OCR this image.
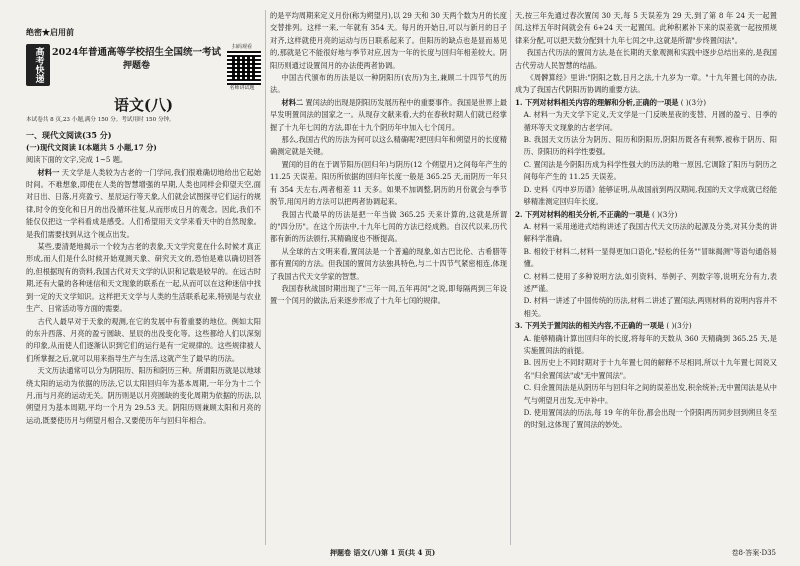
绝密★启用前
高考快递 2024年普通高等学校招生全国统一考试
押题卷
扫码观看
名师讲试题
语文(八)
本试卷共 8 页,23 小题,满分 150 分。考试用时 150 分钟。
一、现代文阅读(35 分)
(一)现代文阅读 I(本题共 5 小题,17 分)

阅读下面的文字,完成 1~5 题。

材料一 天文学是人类较为古老的一门学问,我们很难确切地给出它起始时间。不难想象,即使在人类的智慧增强的早期,人类也同样会仰望天空,面对日出、日落,月亮盈亏、星辰运行等天象,人们就会试图探寻它们运行的规律,时令的变化和日月的出没循环往复,从而形成日月的观念。因此,我们不能仅仅把这一学科看成是感受。人们希望用天文学来看天中的自然现象。是我们需要找到从这个视点出发。

某些,要清楚地揭示一个较为古老的表象,天文学究竟在什么时候才真正形成,而人们是什么时候开始观测天象、研究天文的,恐怕是难以确切回答的,但根据现有的资料,我国古代对天文学的认识和记载是较早的。在远古时期,还有大量的各种迷信和天文现象的联系在一起,从而可以在这种迷信中找到一定的天文学知识。这样把天文学与人类的生活联系起来,特别是与农业生产、日常活动等方面的需要。

古代人最早对于天象的观测,在它的发展中有着重要的地位。例如太阳的东升西落、月亮的盈亏圆缺、星辰的出没变化等。这些都给人们以深刻的印象,从而使人们逐渐认识到它们的运行是有一定规律的。这些规律被人们所掌握之后,就可以用来指导生产与生活,这就产生了最早的历法。

天文历法通常可以分为阴阳历、阳历和阴历三种。所谓阳历就是以地球绕太阳的运动为依据的历法,它以太阳回归年为基本周期,一年分为十二个月,而与月亮的运动无关。阴历则是以月亮圆缺的变化周期为依据的历法,以朔望月为基本周期,平均一个月为 29.53 天。阴阳历则兼顾太阳和月亮的运动,既要使历月与朔望月相合,又要使历年与回归年相合。

的是平均周期来定义月份(称为朔望月),以 29 天和 30 天两个数为月的长度交替排列。这样一来,一年就有 354 天。每月的开始日,可以与新月的日子对齐,这样就使月亮的运动与历日联系起来了。但阳历的缺点也是显而易见的,那就是它不能很好地与季节对应,因为一年的长度与回归年相差较大。阴阳历则通过设置闰月的办法使两者协调。

中国古代颁布的历法是以一种阴阳历(农历)为主,兼顾二十四节气的历法。

材料二 置闰法的出现是阴阳历发展历程中的重要事件。我国是世界上最早发明置闰法的国家之一。从现存文献来看,大约在春秋时期人们就已经掌握了十九年七闰的方法,即在十九个阴历年中加入七个闰月。

那么,我国古代的历法为何可以这么精确呢?把回归年和朔望月的长度精确测定就是关键。

置闰的目的在于调节阳历(回归年)与阴历(12 个朔望月)之间每年产生的 11.25 天误差。阳历所依据的回归年长度一般是 365.25 天,而阴历一年只有 354 天左右,两者相差 11 天多。如果不加调整,阴历的月份就会与季节脱节,用闰月的方法可以把两者协调起来。

我国古代最早的历法是把一年当做 365.25 天来计算的,这就是所谓的"四分历"。在这个历法中,十九年七闰的方法已经成熟。自汉代以来,历代都有新的历法颁行,其精确度也不断提高。

从全球的古文明来看,置闰法是一个普遍的现象,如古巴比伦、古希腊等都有置闰的方法。但我国的置闰方法独具特色,与二十四节气紧密相连,体现了我国古代天文学家的智慧。

我国春秋战国时期出现了"三年一闰,五年再闰"之说,即每隔两到三年设置一个闰月的做法,后来逐步形成了十九年七闰的规律。

天,按三年先通过春次置闰 30 天,每 5 天误差为 29 天,到了第 8 年 24 天一起置闰,这样五年时间就会有 6+24 天一起置闰。此种积累补下来的误差就一起按照规律来分配,可以把天数分配到十九年七闰之中,这就是所谓"步终置闰法"。

我国古代历法的置闰方法,是在长期的天象观测和实践中逐步总结出来的,是我国古代劳动人民智慧的结晶。

《周髀算经》里讲:"阴阳之数,日月之法,十九岁为一章。"十九年置七闰的办法,成为了我国古代阴阳历协调的重要方法。

1. 下列对材料相关内容的理解和分析,正确的一项是 ( )(3分)

A. 材料一为天文学下定义,天文学是一门反映星夜的变替、月圆的盈亏、日季的循环等天文现象的古老学问。

B. 我国天文历法分为阴历、阳历和阴阳历,阴阳历既各有利弊,被称于阴历、阳历、阴阳历的科学性要强。

C. 置闰法是今阴阳历成为科学性强大的历法的唯一原因,它调除了阳历与阴历之间每年产生的 11.25 天误差。

D. 史料《丙申岁历谱》能够证明,从战国前到两汉期间,我国的天文学成就已经能够精准测定回归年长度。

2. 下列对材料的相关分析,不正确的一项是 ( )(3分)

A. 材料一采用递进式结构讲述了我国古代天文历法的起源及分类,对其分类的讲解科学准确。

B. 相较于材料二,材料一显得更加口语化,"轻松的任务""冒昧揭测"等语句通俗易懂。

C. 材料二使用了多种说明方法,如引资料、举例子、列数字等,说明充分有力,表述严谨。

D. 材料一讲述了中国传统的历法,材料二讲述了置闰法,两则材料的说明内容并不相关。

3. 下列关于置闰法的相关内容,不正确的一项是 ( )(3分)

A. 能够精确计算出回归年的长度,将每年的天数从 360 天精确到 365.25 天,是实施置闰法的前提。

B. 因历史上不同时期对于十九年置七闰的解释不尽相同,所以十九年置七闰说又名"归余置闰法"或"无中置闰法"。

C. 归余置闰法是从阴历年与回归年之间的误差出发,积余统补;无中置闰法是从中气与朔望月出发,无中补中。

D. 使用置闰法的历法,每 19 年的年份,都会出现一个阴阳两历同步回到朔旦冬至的时刻,这体现了置闰法的妙处。

押题卷 语文(八)第 1 页(共 4 页)	卷8·答案·D35
